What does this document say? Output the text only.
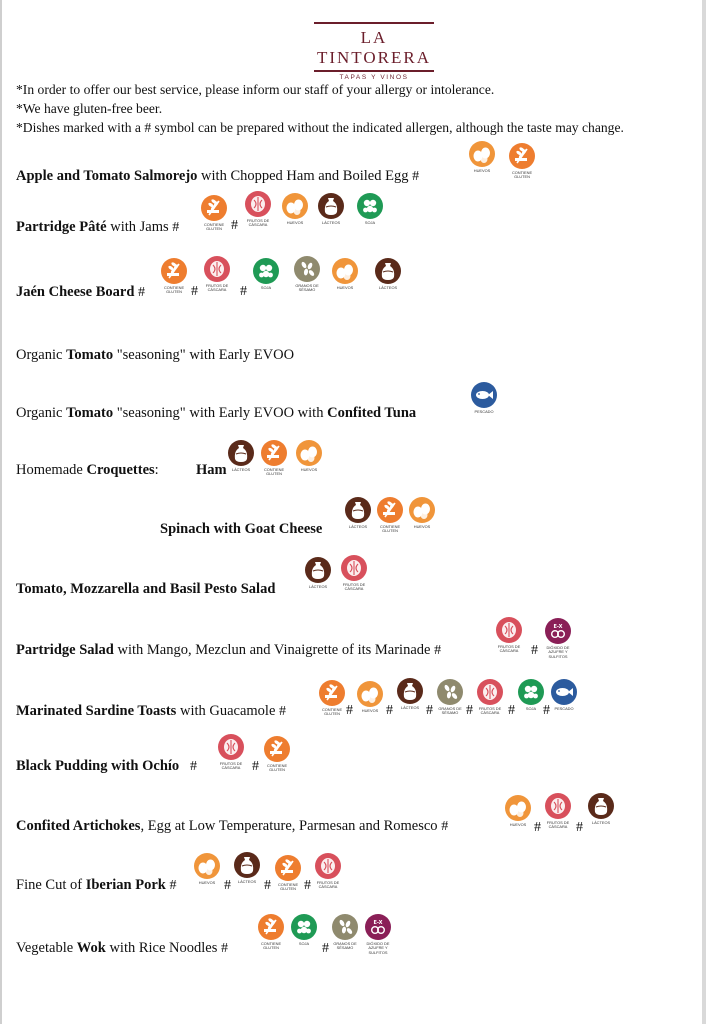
LA TINTORERA
TAPAS Y VINOS
*In order to offer our best service, please inform our staff of your allergy or intolerance.
*We have gluten-free beer.
*Dishes marked with a # symbol can be prepared without the indicated allergen, although the taste may change.
Apple and Tomato Salmorejo with Chopped Ham and Boiled Egg #
Partridge Pâté with Jams #
Jaén Cheese Board #
Organic Tomato "seasoning" with Early EVOO
Organic Tomato "seasoning" with Early EVOO with Confited Tuna
Homemade Croquettes:	Ham
Spinach with Goat Cheese
Tomato, Mozzarella and Basil Pesto Salad
Partridge Salad with Mango, Mezclun and Vinaigrette of its Marinade #
Marinated Sardine Toasts with Guacamole #
Black Pudding with Ochío #
Confited Artichokes, Egg at Low Temperature, Parmesan and Romesco #
Fine Cut of Iberian Pork #
Vegetable Wok with Rice Noodles #
HUEVOS	CONTIENE GLUTEN
CONTIENE GLUTEN
FRUTOS DE CÁSCARA	HUEVOS	LÁCTEOS	SOJA
#
CONTIENE GLUTEN
FRUTOS DE CÁSCARA	SOJA	GRANOS DE SÉSAMO	HUEVOS	LÁCTEOS
#	#
PESCADO
LÁCTEOS	CONTIENE GLUTEN
HUEVOS
LÁCTEOS	CONTIENE GLUTEN
HUEVOS
LÁCTEOS	FRUTOS DE CÁSCARA
FRUTOS DE CÁSCARA
E-X
DIÓXIDO DE AZUFRE Y SULFITOS
#
CONTIENE GLUTEN
HUEVOS
LÁCTEOS	GRANOS DE SÉSAMO
FRUTOS DE CÁSCARA
SOJA	PESCADO
# # # #	# #
FRUTOS DE CÁSCARA	CONTIENE GLUTEN
#
HUEVOS	FRUTOS DE CÁSCARA
LÁCTEOS
#	#
HUEVOS	LÁCTEOS
CONTIENE GLUTEN
FRUTOS DE CÁSCARA
# # #
CONTIENE GLUTEN
SOJA	GRANOS DE SÉSAMO
E-X
DIÓXIDO DE AZUFRE Y SULFITOS
#
